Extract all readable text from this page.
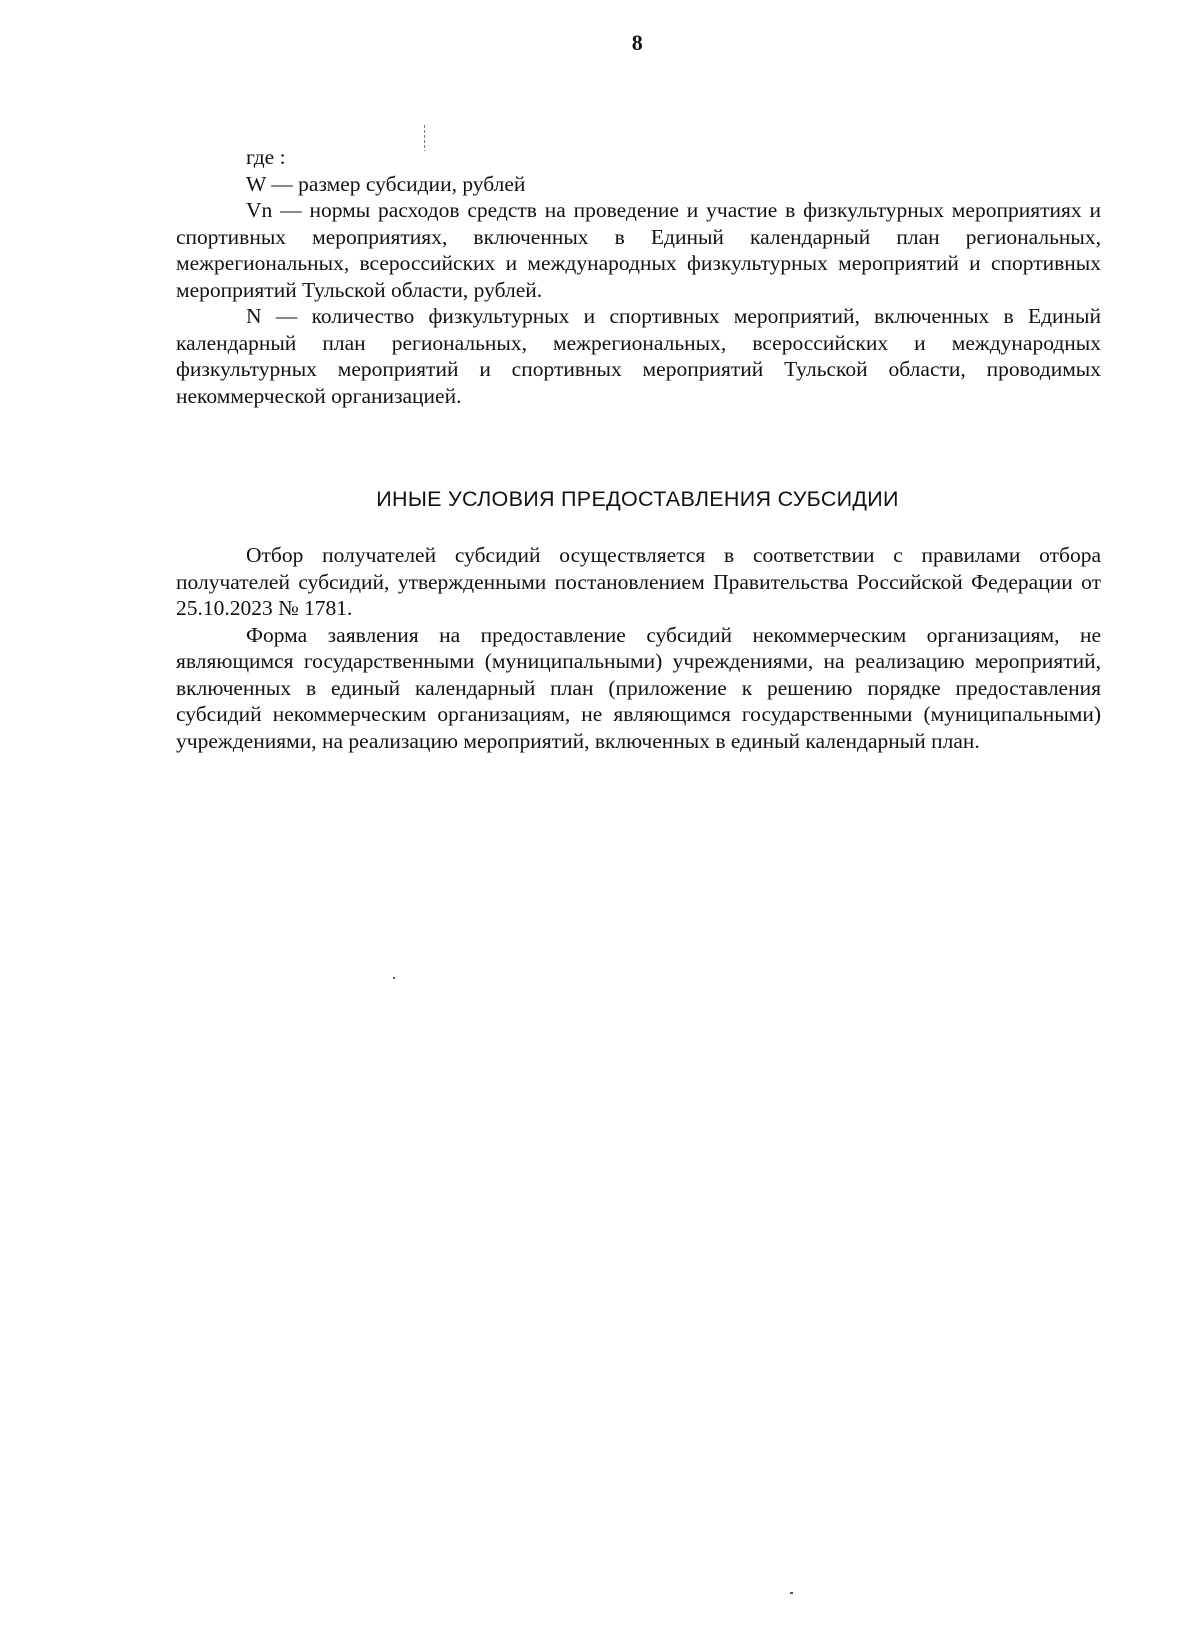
8
где :
W — размер субсидии, рублей

Vn — нормы расходов средств на проведение и участие в физкультурных мероприятиях и спортивных мероприятиях, включенных в Единый календарный план региональных, межрегиональных, всероссийских и международных физкультурных мероприятий и спортивных мероприятий Тульской области, рублей.

N — количество физкультурных и спортивных мероприятий, включенных в Единый календарный план региональных, межрегиональных, всероссийских и международных физкультурных мероприятий и спортивных мероприятий Тульской области, проводимых некоммерческой организацией.

ИНЫЕ УСЛОВИЯ ПРЕДОСТАВЛЕНИЯ СУБСИДИИ

Отбор получателей субсидий осуществляется в соответствии с правилами отбора получателей субсидий, утвержденными постановлением Правительства Российской Федерации от 25.10.2023 № 1781.

Форма заявления на предоставление субсидий некоммерческим организациям, не являющимся государственными (муниципальными) учреждениями, на реализацию мероприятий, включенных в единый календарный план (приложение к решению порядке предоставления субсидий некоммерческим организациям, не являющимся государственными (муниципальными) учреждениями, на реализацию мероприятий, включенных в единый календарный план.
